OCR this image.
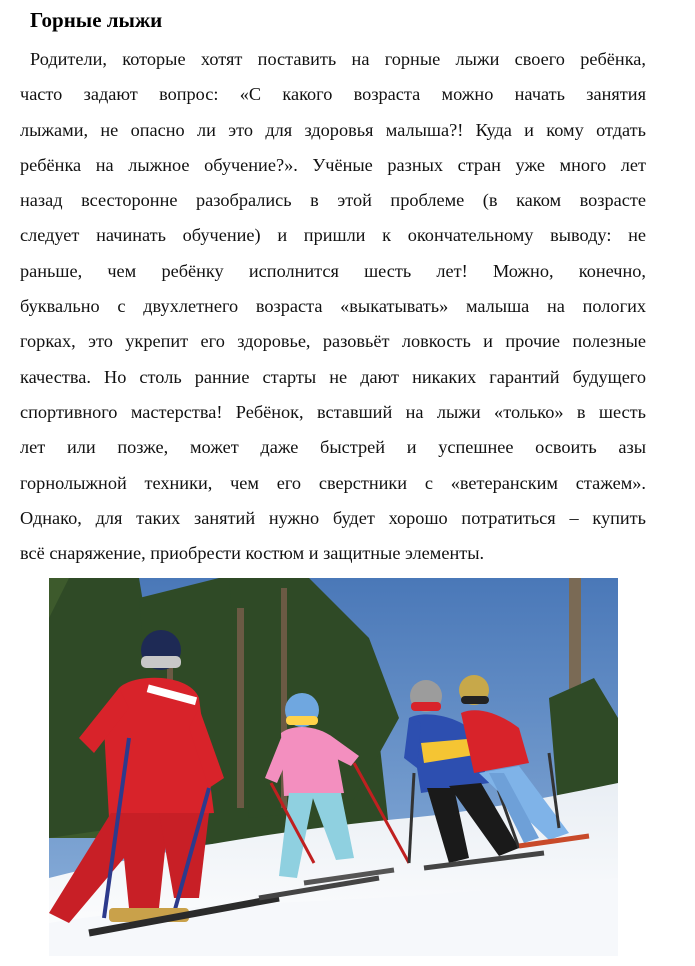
Горные лыжи
Родители, которые хотят поставить на горные лыжи своего ребёнка,
часто задают вопрос: «С какого возраста можно начать занятия
лыжами, не опасно ли это для здоровья малыша?! Куда и кому отдать
ребёнка на лыжное обучение?». Учёные разных стран уже много лет
назад всесторонне разобрались в этой проблеме (в каком возрасте
следует начинать обучение) и пришли к окончательному выводу: не
раньше, чем ребёнку исполнится шесть лет! Можно, конечно,
буквально с двухлетнего возраста «выкатывать» малыша на пологих
горках, это укрепит его здоровье, разовьёт ловкость и прочие полезные
качества. Но столь ранние старты не дают никаких гарантий будущего
спортивного мастерства! Ребёнок, вставший на лыжи «только» в шесть
лет или позже, может даже быстрей и успешнее освоить азы
горнолыжной техники, чем его сверстники с «ветеранским стажем».
Однако, для таких занятий нужно будет хорошо потратиться – купить
всё снаряжение, приобрести костюм и защитные элементы.
